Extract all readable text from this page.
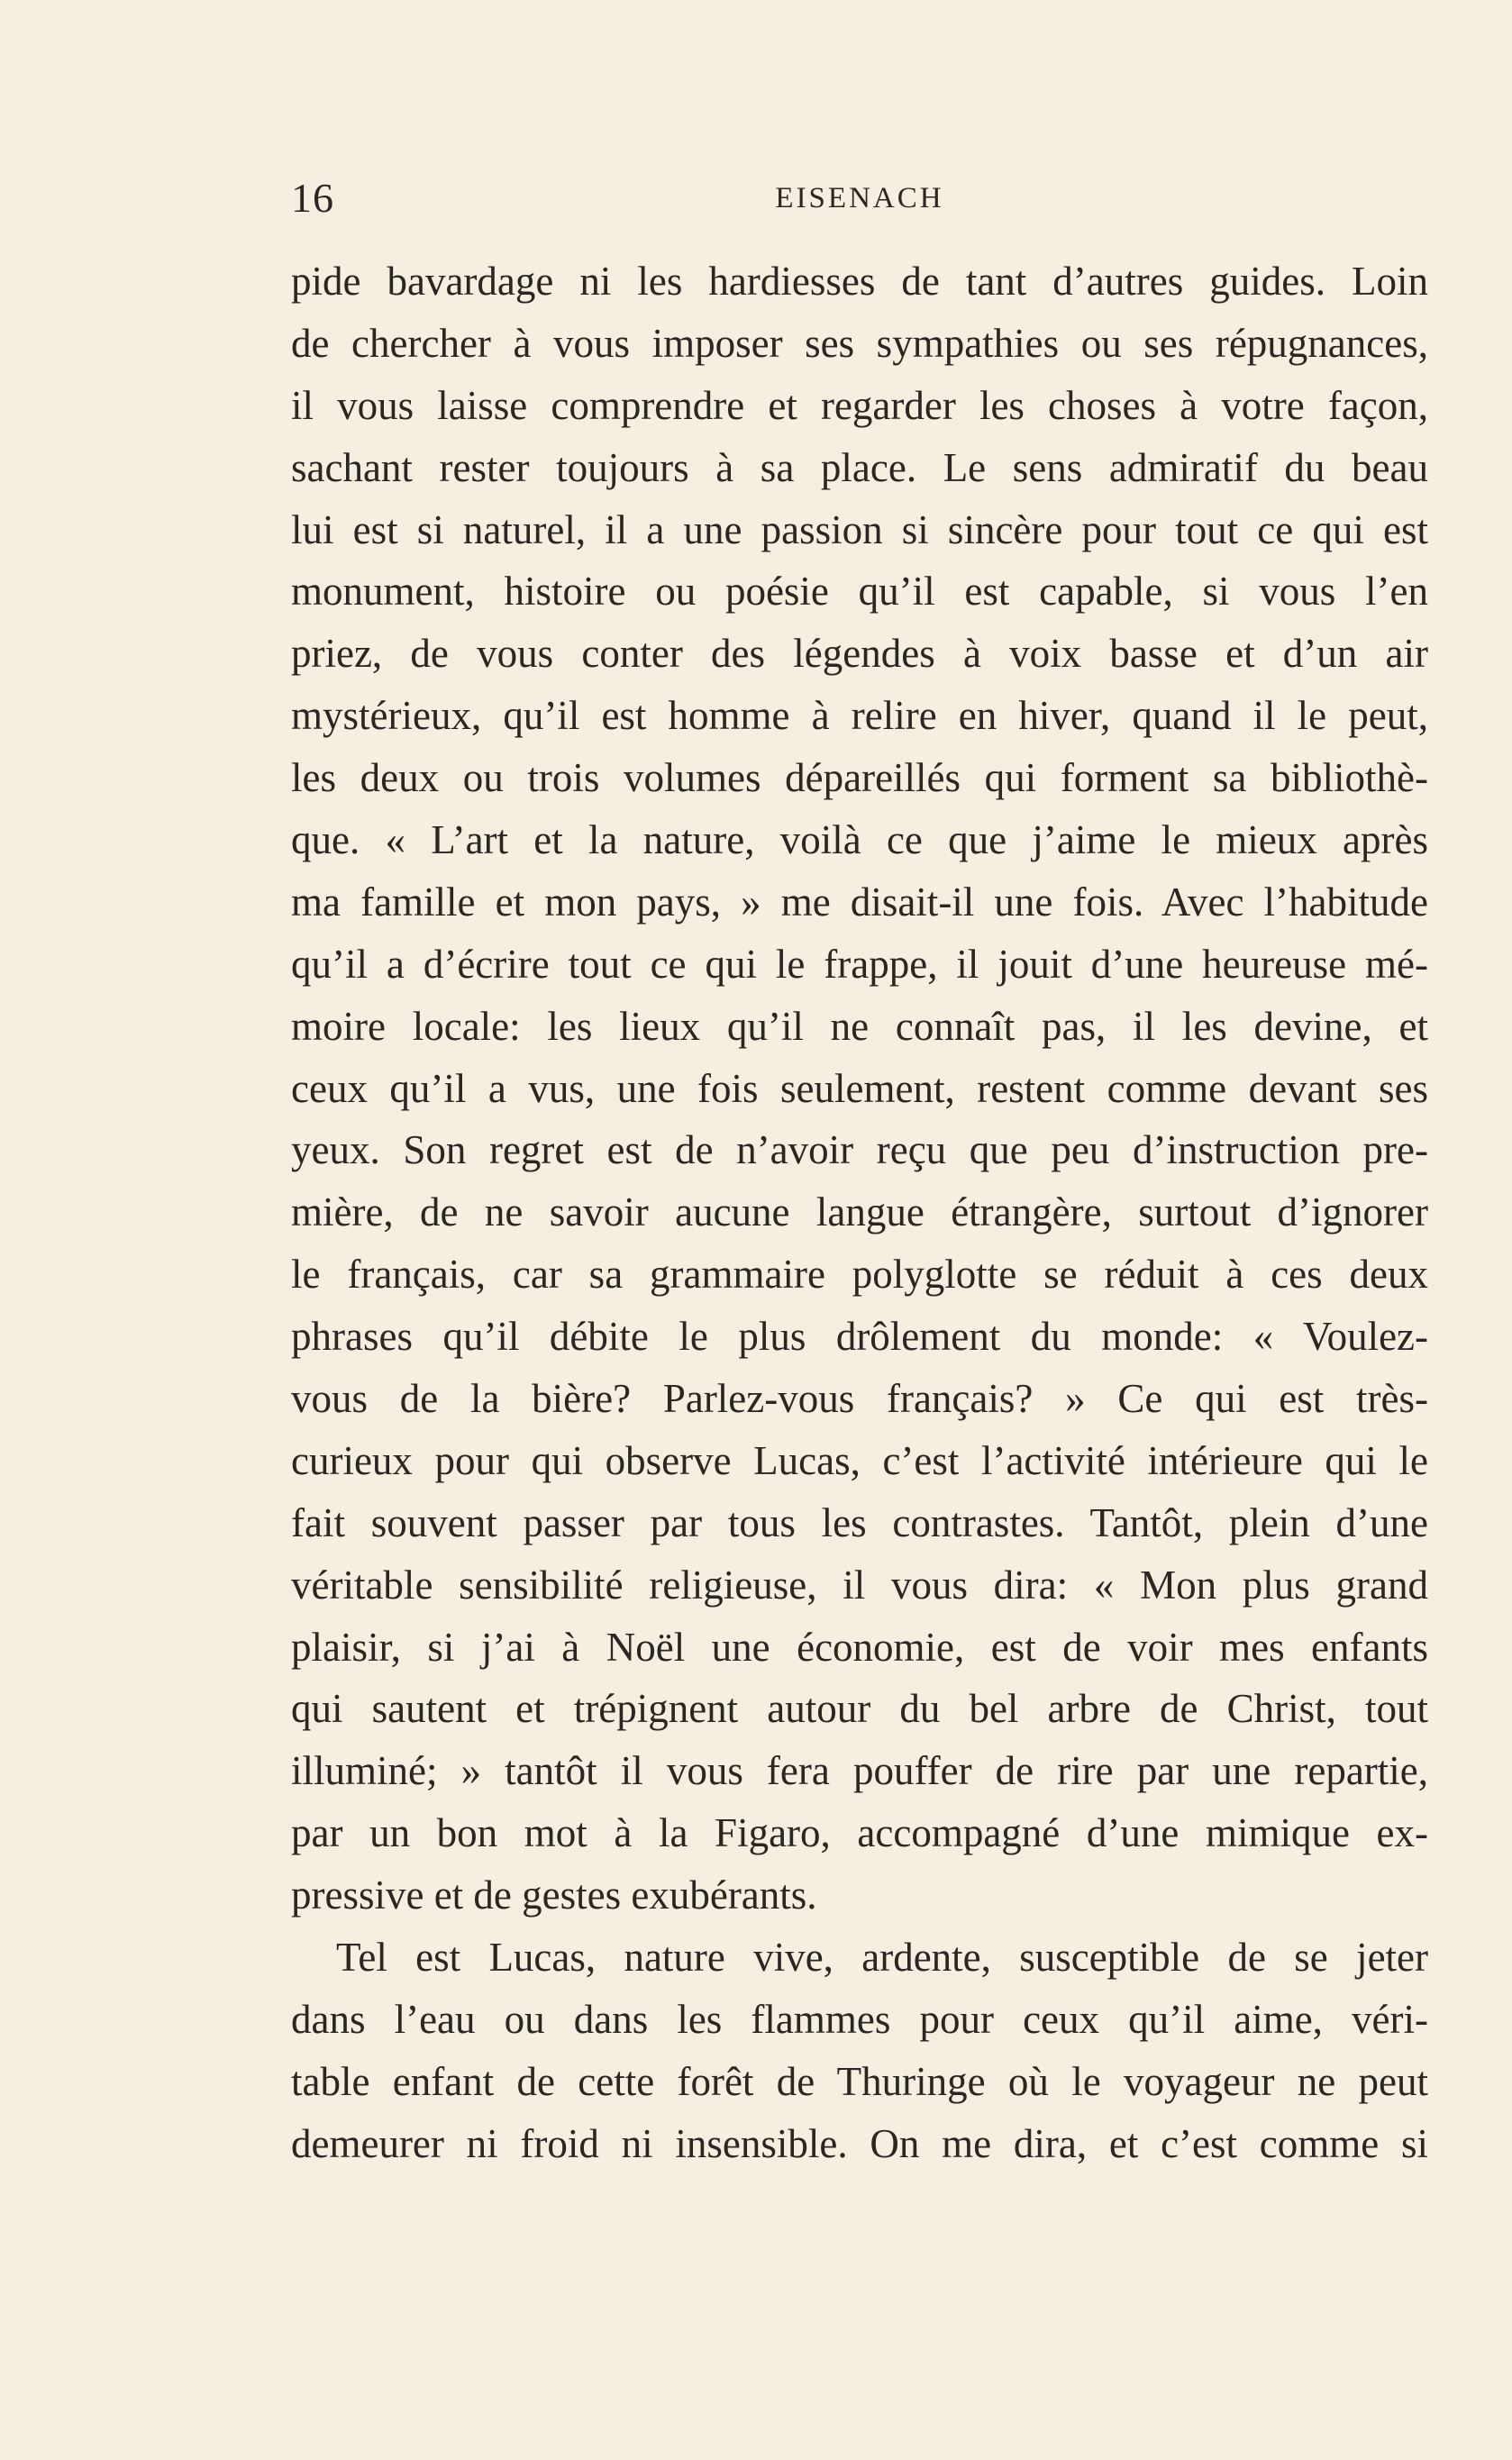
16	EISENACH
pide bavardage ni les hardiesses de tant d’autres guides. Loin
de chercher à vous imposer ses sympathies ou ses répugnances,
il vous laisse comprendre et regarder les choses à votre façon,
sachant rester toujours à sa place. Le sens admiratif du beau
lui est si naturel, il a une passion si sincère pour tout ce qui est
monument, histoire ou poésie qu’il est capable, si vous l’en
priez, de vous conter des légendes à voix basse et d’un air
mystérieux, qu’il est homme à relire en hiver, quand il le peut,
les deux ou trois volumes dépareillés qui forment sa bibliothè-
que. « L’art et la nature, voilà ce que j’aime le mieux après
ma famille et mon pays, » me disait-il une fois. Avec l’habitude
qu’il a d’écrire tout ce qui le frappe, il jouit d’une heureuse mé-
moire locale: les lieux qu’il ne connaît pas, il les devine, et
ceux qu’il a vus, une fois seulement, restent comme devant ses
yeux. Son regret est de n’avoir reçu que peu d’instruction pre-
mière, de ne savoir aucune langue étrangère, surtout d’ignorer
le français, car sa grammaire polyglotte se réduit à ces deux
phrases qu’il débite le plus drôlement du monde: « Voulez-
vous de la bière? Parlez-vous français? » Ce qui est très-
curieux pour qui observe Lucas, c’est l’activité intérieure qui le
fait souvent passer par tous les contrastes. Tantôt, plein d’une
véritable sensibilité religieuse, il vous dira: « Mon plus grand
plaisir, si j’ai à Noël une économie, est de voir mes enfants
qui sautent et trépignent autour du bel arbre de Christ, tout
illuminé; » tantôt il vous fera pouffer de rire par une repartie,
par un bon mot à la Figaro, accompagné d’une mimique ex-
pressive et de gestes exubérants.
Tel est Lucas, nature vive, ardente, susceptible de se jeter
dans l’eau ou dans les flammes pour ceux qu’il aime, véri-
table enfant de cette forêt de Thuringe où le voyageur ne peut
demeurer ni froid ni insensible. On me dira, et c’est comme si
